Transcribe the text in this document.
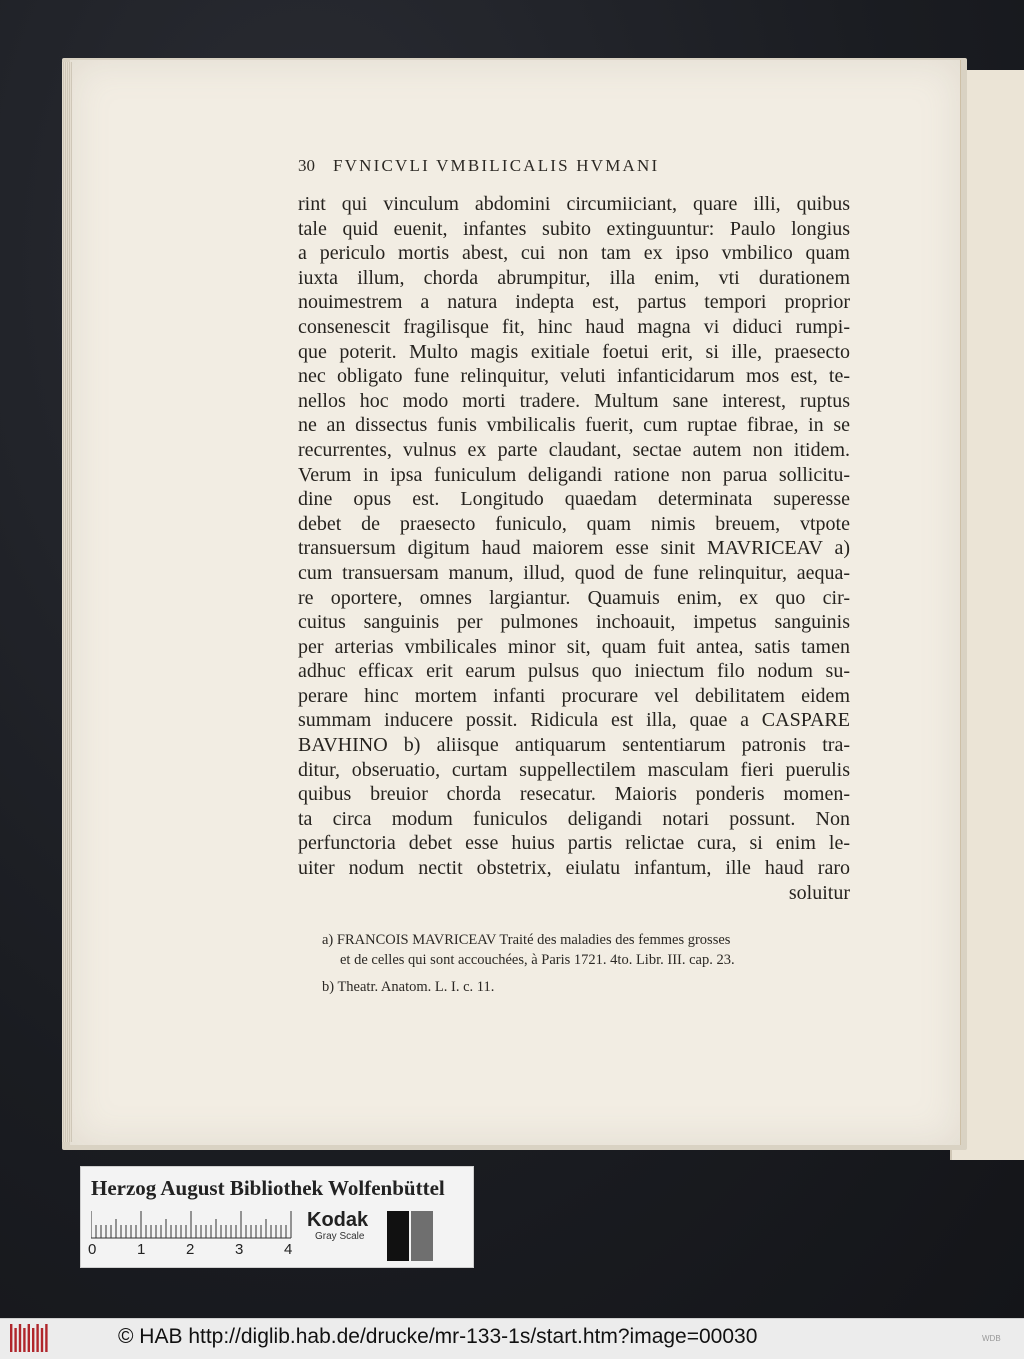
30 FVNICVLI VMBILICALIS HVMANI
rint qui vinculum abdomini circumiiciant, quare illi, quibus
tale quid euenit, infantes subito extinguuntur: Paulo longius
a periculo mortis abest, cui non tam ex ipso vmbilico quam
iuxta illum, chorda abrumpitur, illa enim, vti durationem
nouimestrem a natura indepta est, partus tempori proprior
consenescit fragilisque fit, hinc haud magna vi diduci rumpi-
que poterit. Multo magis exitiale foetui erit, si ille, praesecto
nec obligato fune relinquitur, veluti infanticidarum mos est, te-
nellos hoc modo morti tradere. Multum sane interest, ruptus
ne an dissectus funis vmbilicalis fuerit, cum ruptae fibrae, in se
recurrentes, vulnus ex parte claudant, sectae autem non itidem.
Verum in ipsa funiculum deligandi ratione non parua sollicitu-
dine opus est. Longitudo quaedam determinata superesse
debet de praesecto funiculo, quam nimis breuem, vtpote
transuersum digitum haud maiorem esse sinit MAVRICEAV a)
cum transuersam manum, illud, quod de fune relinquitur, aequa-
re oportere, omnes largiantur. Quamuis enim, ex quo cir-
cuitus sanguinis per pulmones inchoauit, impetus sanguinis
per arterias vmbilicales minor sit, quam fuit antea, satis tamen
adhuc efficax erit earum pulsus quo iniectum filo nodum su-
perare hinc mortem infanti procurare vel debilitatem eidem
summam inducere possit. Ridicula est illa, quae a CASPARE
BAVHINO b) aliisque antiquarum sententiarum patronis tra-
ditur, obseruatio, curtam suppellectilem masculam fieri puerulis
quibus breuior chorda resecatur. Maioris ponderis momen-
ta circa modum funiculos deligandi notari possunt. Non
perfunctoria debet esse huius partis relictae cura, si enim le-
uiter nodum nectit obstetrix, eiulatu infantum, ille haud raro
soluitur
a) FRANCOIS MAVRICEAV Traité des maladies des femmes grosses
et de celles qui sont accouchées, à Paris 1721. 4to. Libr. III. cap. 23.
b) Theatr. Anatom. L. I. c. 11.
Herzog August Bibliothek Wolfenbüttel
0	1	2	3	4
Kodak
Gray Scale
© HAB http://diglib.hab.de/drucke/mr-133-1s/start.htm?image=00030	WDB
